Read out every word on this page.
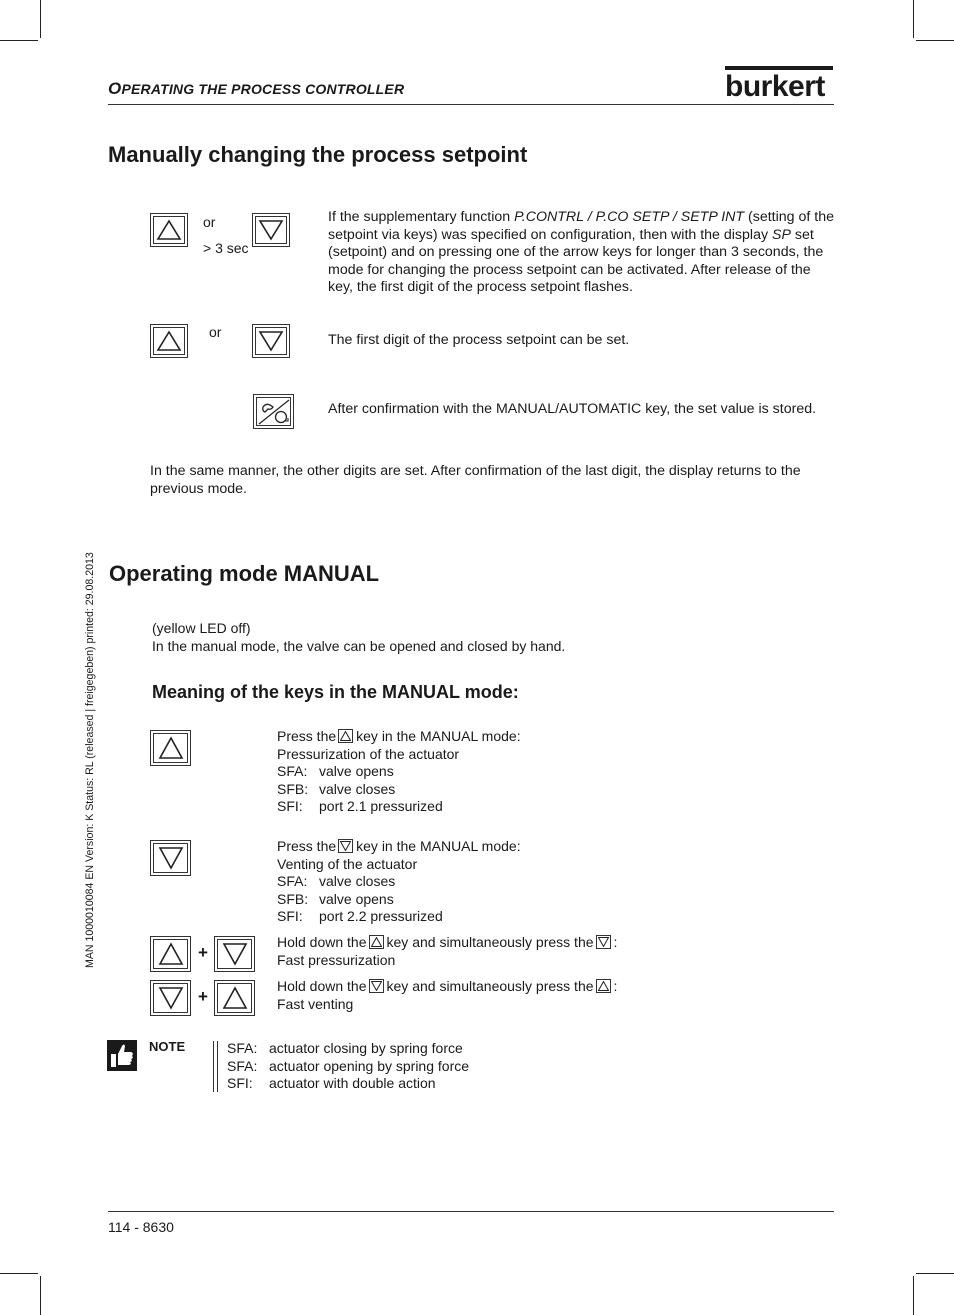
OPERATING THE PROCESS CONTROLLER	burkert
Manually changing the process setpoint
or
> 3 sec
If the supplementary function P.CONTRL / P.CO SETP / SETP INT (setting of the setpoint via keys) was specified on configuration, then with the display SP set (setpoint) and on pressing one of the arrow keys for longer than 3 seconds, the mode for changing the process setpoint can be activated. After release of the key, the first digit of the process setpoint flashes.
or	The first digit of the process setpoint can be set.
After confirmation with the MANUAL/AUTOMATIC key, the set value is stored.
In the same manner, the other digits are set. After confirmation of the last digit, the display returns to the previous mode.
Operating mode MANUAL
(yellow LED off)
In the manual mode, the valve can be opened and closed by hand.
Meaning of the keys in the MANUAL mode:
Press the key in the MANUAL mode:
Pressurization of the actuator
SFA: valve opens
SFB: valve closes
SFI: port 2.1 pressurized
Press the key in the MANUAL mode:
Venting of the actuator
SFA: valve closes
SFB: valve opens
SFI: port 2.2 pressurized
+
Hold down the key and simultaneously press the :
Fast pressurization
+
Hold down the key and simultaneously press the :
Fast venting
NOTE	SFA: actuator closing by spring force
SFA: actuator opening by spring force
SFI: actuator with double action
MAN 1000010084 EN Version: K Status: RL (released | freigegeben) printed: 29.08.2013
114 - 8630
